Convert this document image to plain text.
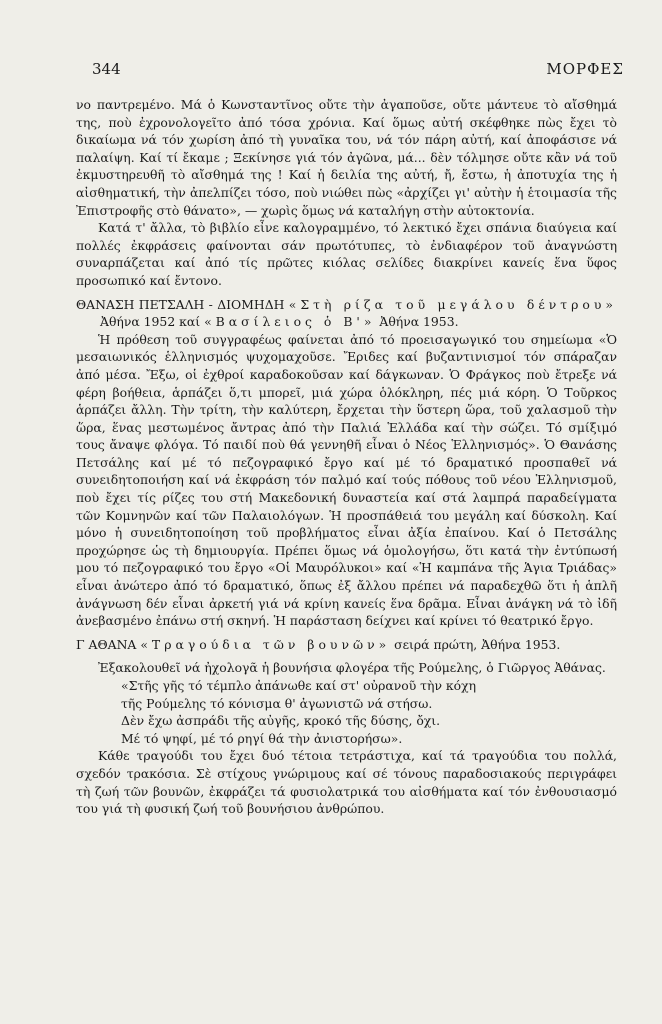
344	ΜΟΡΦΕΣ

νο παντρεμένο. Μά ὁ Κωνσταντῖνος οὔτε τὴν ἀγαποῦσε, οὔτε μάντευε τὸ αἴσθημά της, ποὺ ἐχρονολογεῖτο ἀπό τόσα χρόνια. Καί ὅμως αὐτή σκέφθηκε πὼς ἔχει τὸ δικαίωμα νά τόν χωρίση ἀπό τὴ γυναῖκα του, νά τόν πάρη αὐτή, καί ἀποφάσισε νά παλαίψη. Καί τί ἔκαμε ; Ξεκίνησε γιά τόν ἀγῶνα, μά... δὲν τόλμησε οὔτε κἂν νά τοῦ ἐκμυστηρευθῆ τὸ αἴσθημά της ! Καί ἡ δειλία της αὐτή, ἤ, ἔστω, ἡ ἀποτυχία της ἡ αἰσθηματική, τὴν ἀπελπίζει τόσο, ποὺ νιώθει πὼς «ἀρχίζει γι' αὐτὴν ἡ ἑτοιμασία τῆς Ἐπιστροφῆς στὸ θάνατο», — χωρὶς ὅμως νά καταλήγη στὴν αὐτοκτονία.

Κατά τ' ἄλλα, τὸ βιβλίο εἶνε καλογραμμένο, τό λεκτικό ἔχει σπάνια διαύγεια καί πολλές ἐκφράσεις φαίνονται σάν πρωτότυπες, τὸ ἐνδιαφέρον τοῦ ἀναγνώστη συναρπάζεται καί ἀπό τίς πρῶτες κιόλας σελίδες διακρίνει κανείς ἕνα ὕφος προσωπικό καί ἔντονο.

ΘΑΝΑΣΗ ΠΕΤΣΑΛΗ - ΔΙΟΜΗΔΗ «Στὴ ρίζα τοῦ μεγάλου δέντρου» Ἀθήνα 1952 καί «Βασίλειος ὁ Β'» Ἀθήνα 1953.

Ἡ πρόθεση τοῦ συγγραφέως φαίνεται ἀπό τό προεισαγωγικό του σημείωμα «Ὁ μεσαιωνικός ἑλληνισμός ψυχομαχοῦσε. Ἔριδες καί βυζαντινισμοί τόν σπάραζαν ἀπό μέσα. Ἔξω, οἱ ἐχθροί καραδοκοῦσαν καί δάγκωναν. Ὁ Φράγκος ποὺ ἔτρεξε νά φέρη βοήθεια, ἁρπάζει ὅ,τι μπορεῖ, μιά χώρα ὁλόκληρη, πές μιά κόρη. Ὁ Τοῦρκος ἁρπάζει ἄλλη. Τὴν τρίτη, τὴν καλύτερη, ἔρχεται τὴν ὕστερη ὥρα, τοῦ χαλασμοῦ τὴν ὥρα, ἕνας μεστωμένος ἄντρας ἀπό τὴν Παλιά Ἑλλάδα καί τὴν σώζει. Τό σμίξιμό τους ἄναψε φλόγα. Τό παιδί ποὺ θά γεννηθῆ εἶναι ὁ Νέος Ἑλληνισμός». Ὁ Θανάσης Πετσάλης καί μέ τό πεζογραφικό ἔργο καί μέ τό δραματικό προσπαθεῖ νά συνειδητοποιήση καί νά ἐκφράση τόν παλμό καί τούς πόθους τοῦ νέου Ἑλληνισμοῦ, ποὺ ἔχει τίς ρίζες του στή Μακεδονική δυναστεία καί στά λαμπρά παραδείγματα τῶν Κομνηνῶν καί τῶν Παλαιολόγων. Ἡ προσπάθειά του μεγάλη καί δύσκολη. Καί μόνο ἡ συνειδητοποίηση τοῦ προβλήματος εἶναι ἀξία ἐπαίνου. Καί ὁ Πετσάλης προχώρησε ὡς τὴ δημιουργία. Πρέπει ὅμως νά ὁμολογήσω, ὅτι κατά τὴν ἐντύπωσή μου τό πεζογραφικό του ἔργο «Οἱ Μαυρόλυκοι» καί «Ἡ καμπάνα τῆς Ἁγια Τριάδας» εἶναι ἀνώτερο ἀπό τό δραματικό, ὅπως ἐξ ἄλλου πρέπει νά παραδεχθῶ ὅτι ἡ ἁπλῆ ἀνάγνωση δέν εἶναι ἀρκετή γιά νά κρίνη κανείς ἕνα δρᾶμα. Εἶναι ἀνάγκη νά τὸ ἰδῆ ἀνεβασμένο ἐπάνω στή σκηνή. Ἡ παράσταση δείχνει καί κρίνει τό θεατρικό ἔργο.

Γ ΑΘΑΝΑ «Τραγούδια τῶν βουνῶν» σειρά πρώτη, Ἀθήνα 1953.

Ἐξακολουθεῖ νά ἠχολογᾶ ἡ βουνήσια φλογέρα τῆς Ρούμελης, ὁ Γιῶργος Ἀθάνας.

«Στῆς γῆς τό τέμπλο ἀπάνωθε καί στ' οὐρανοῦ τὴν κόχη
τῆς Ρούμελης τό κόνισμα θ' ἀγωνιστῶ νά στήσω.
Δὲν ἔχω ἀσπράδι τῆς αὐγῆς, κροκό τῆς δύσης, ὄχι.
Μέ τό ψηφί, μέ τό ρηγί θά τὴν ἀνιστορήσω».

Κάθε τραγούδι του ἔχει δυό τέτοια τετράστιχα, καί τά τραγούδια του πολλά, σχεδόν τρακόσια. Σὲ στίχους γνώριμους καί σέ τόνους παραδοσιακούς περιγράφει τὴ ζωή τῶν βουνῶν, ἐκφράζει τά φυσιολατρικά του αἰσθήματα καί τόν ἐνθουσιασμό του γιά τὴ φυσική ζωή τοῦ βουνήσιου ἀνθρώπου.
